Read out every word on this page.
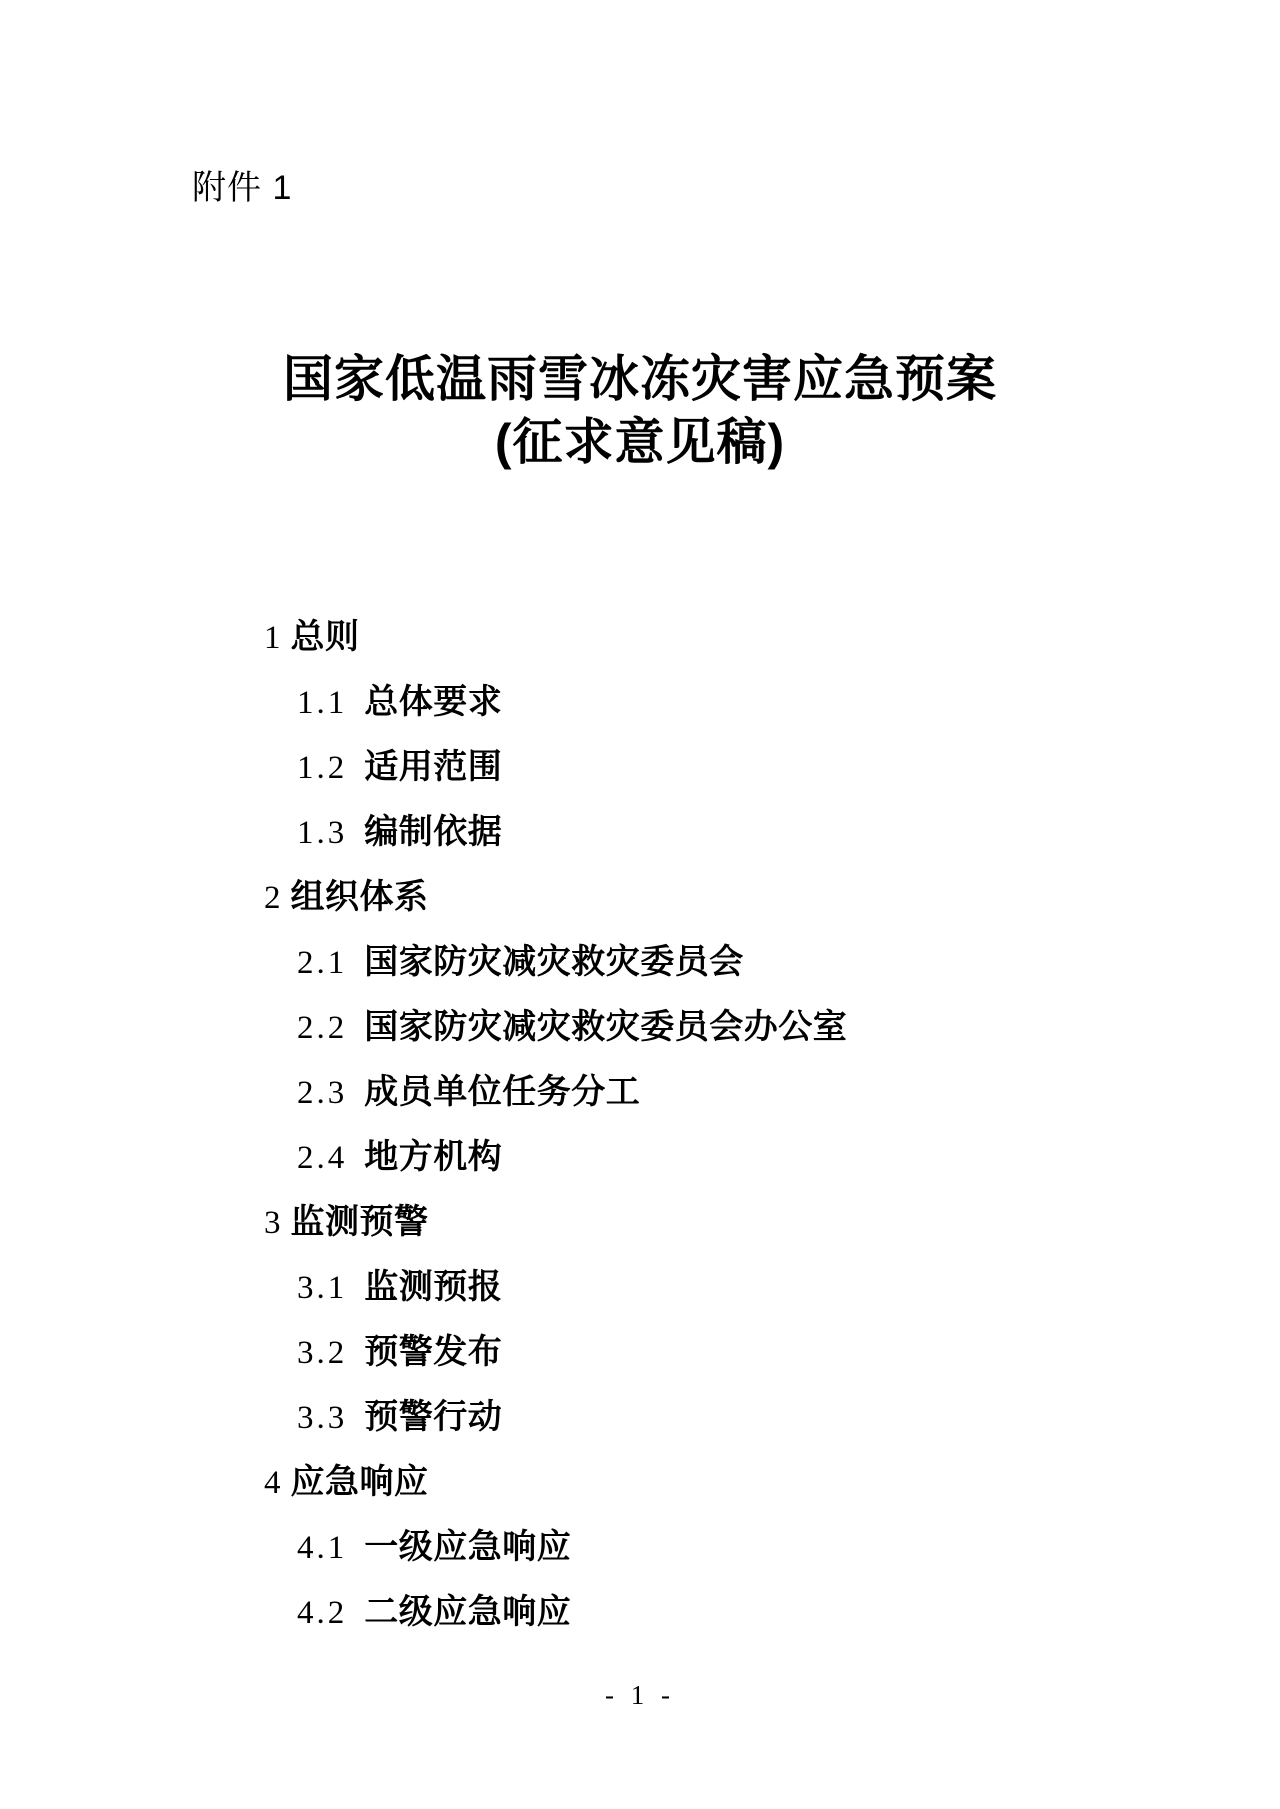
附件 1
国家低温雨雪冰冻灾害应急预案
(征求意见稿)
1 总则
1.1 总体要求
1.2 适用范围
1.3 编制依据
2 组织体系
2.1 国家防灾减灾救灾委员会
2.2 国家防灾减灾救灾委员会办公室
2.3 成员单位任务分工
2.4 地方机构
3 监测预警
3.1 监测预报
3.2 预警发布
3.3 预警行动
4 应急响应
4.1 一级应急响应
4.2 二级应急响应
- 1 -
